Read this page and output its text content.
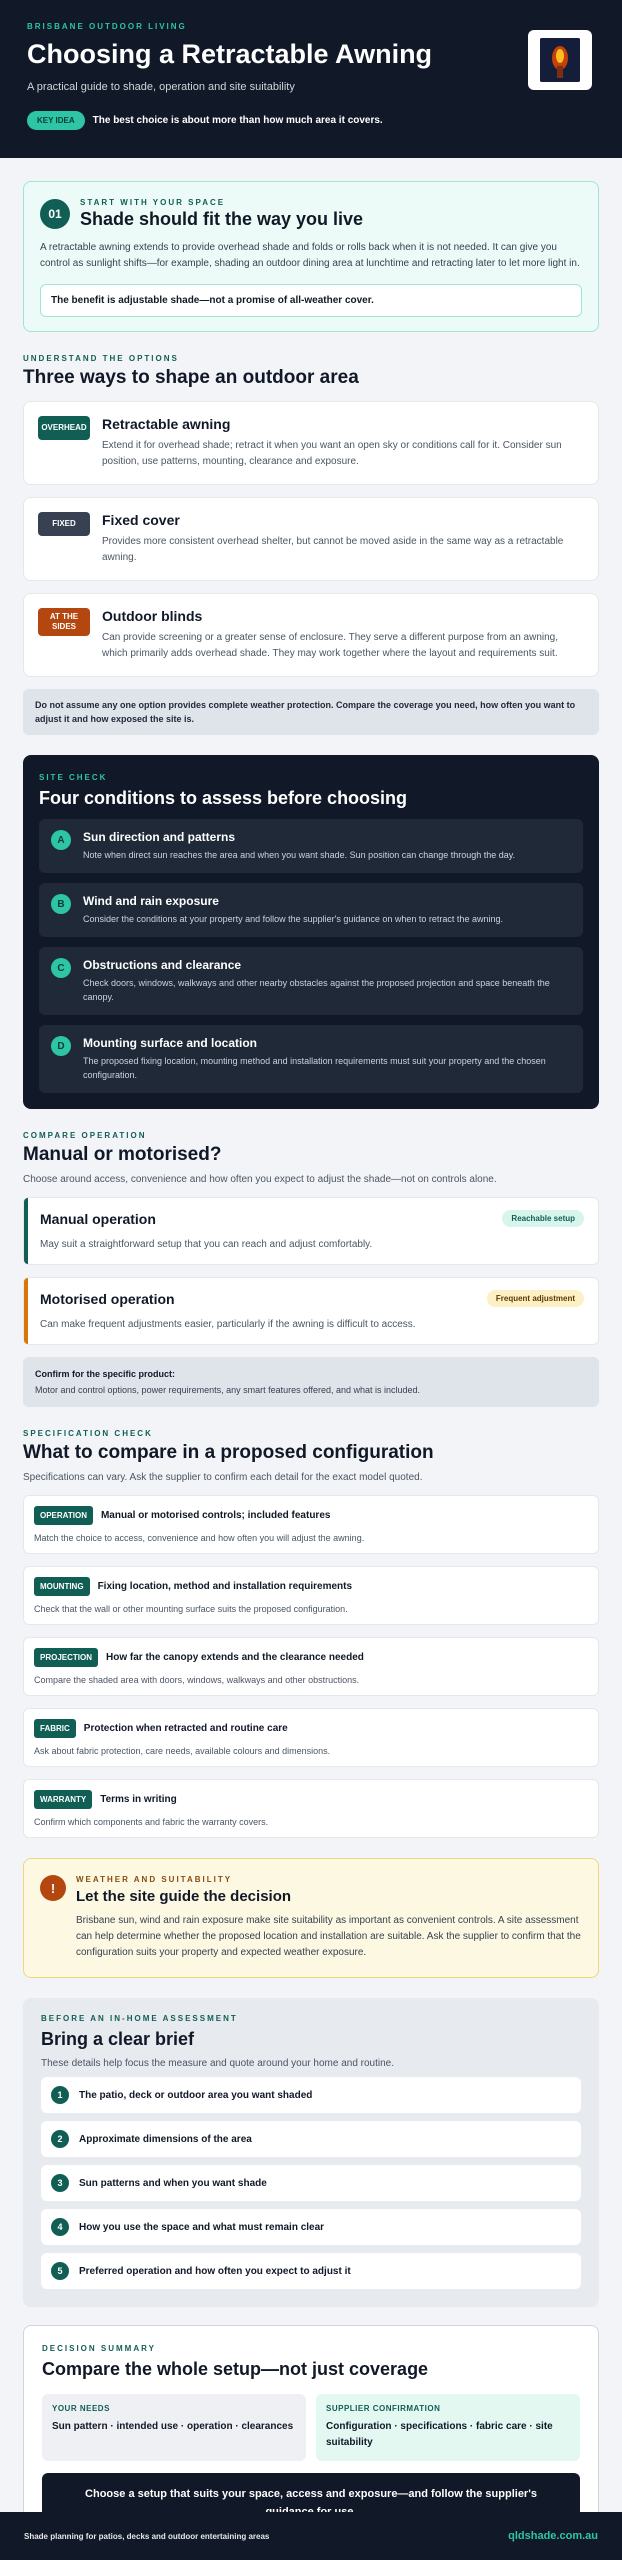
BRISBANE OUTDOOR LIVING
Choosing a Retractable Awning
A practical guide to shade, operation and site suitability
KEY IDEA	The best choice is about more than how much area it covers.
01
START WITH YOUR SPACE
Shade should fit the way you live

A retractable awning extends to provide overhead shade and folds or rolls back when it is not needed. It can give you control as sunlight shifts—for example, shading an outdoor dining area at lunchtime and retracting later to let more light in.

The benefit is adjustable shade—not a promise of all-weather cover.
UNDERSTAND THE OPTIONS
Three ways to shape an outdoor area
OVERHEAD Retractable awning

Extend it for overhead shade; retract it when you want an open sky or conditions call for it. Consider sun position, use patterns, mounting, clearance and exposure.

FIXED	Fixed cover

Provides more consistent overhead shelter, but cannot be moved aside in the same way as a retractable awning.

AT THE SIDES
Outdoor blinds

Can provide screening or a greater sense of enclosure. They serve a different purpose from an awning, which primarily adds overhead shade. They may work together where the layout and requirements suit.

Do not assume any one option provides complete weather protection. Compare the coverage you need, how often you want to adjust it and how exposed the site is.
SITE CHECK
Four conditions to assess before choosing
A	Sun direction and patterns

Note when direct sun reaches the area and when you want shade. Sun position can change through the day.

B	Wind and rain exposure

Consider the conditions at your property and follow the supplier's guidance on when to retract the awning.

C	Obstructions and clearance

Check doors, windows, walkways and other nearby obstacles against the proposed projection and space beneath the canopy.

D	Mounting surface and location

The proposed fixing location, mounting method and installation requirements must suit your property and the chosen configuration.

COMPARE OPERATION
Manual or motorised?
Choose around access, convenience and how often you expect to adjust the shade—not on controls alone.
Manual operation	Reachable setup

May suit a straightforward setup that you can reach and adjust comfortably.

Motorised operation	Frequent adjustment

Can make frequent adjustments easier, particularly if the awning is difficult to access.

Confirm for the specific product:
Motor and control options, power requirements, any smart features offered, and what is included.
SPECIFICATION CHECK
What to compare in a proposed configuration
Specifications can vary. Ask the supplier to confirm each detail for the exact model quoted.
OPERATION	Manual or motorised controls; included features

Match the choice to access, convenience and how often you will adjust the awning.

MOUNTING	Fixing location, method and installation requirements

Check that the wall or other mounting surface suits the proposed configuration.

PROJECTION	How far the canopy extends and the clearance needed

Compare the shaded area with doors, windows, walkways and other obstructions.

FABRIC	Protection when retracted and routine care

Ask about fabric protection, care needs, available colours and dimensions.

WARRANTY	Terms in writing

Confirm which components and fabric the warranty covers.

!
WEATHER AND SUITABILITY
Let the site guide the decision

Brisbane sun, wind and rain exposure make site suitability as important as convenient controls. A site assessment can help determine whether the proposed location and installation are suitable. Ask the supplier to confirm that the configuration suits your property and expected weather exposure.

BEFORE AN IN-HOME ASSESSMENT
Bring a clear brief
These details help focus the measure and quote around your home and routine.
1	The patio, deck or outdoor area you want shaded
2	Approximate dimensions of the area
3	Sun patterns and when you want shade
4	How you use the space and what must remain clear
5	Preferred operation and how often you expect to adjust it
DECISION SUMMARY
Compare the whole setup—not just coverage
YOUR NEEDS
Sun pattern · intended use · operation · clearances
SUPPLIER CONFIRMATION
Configuration · specifications · fabric care · site suitability
Choose a setup that suits your space, access and exposure—and follow the supplier's
Shade planning for patios, decks and outdoor entertaining areas	qldshade.com.au
